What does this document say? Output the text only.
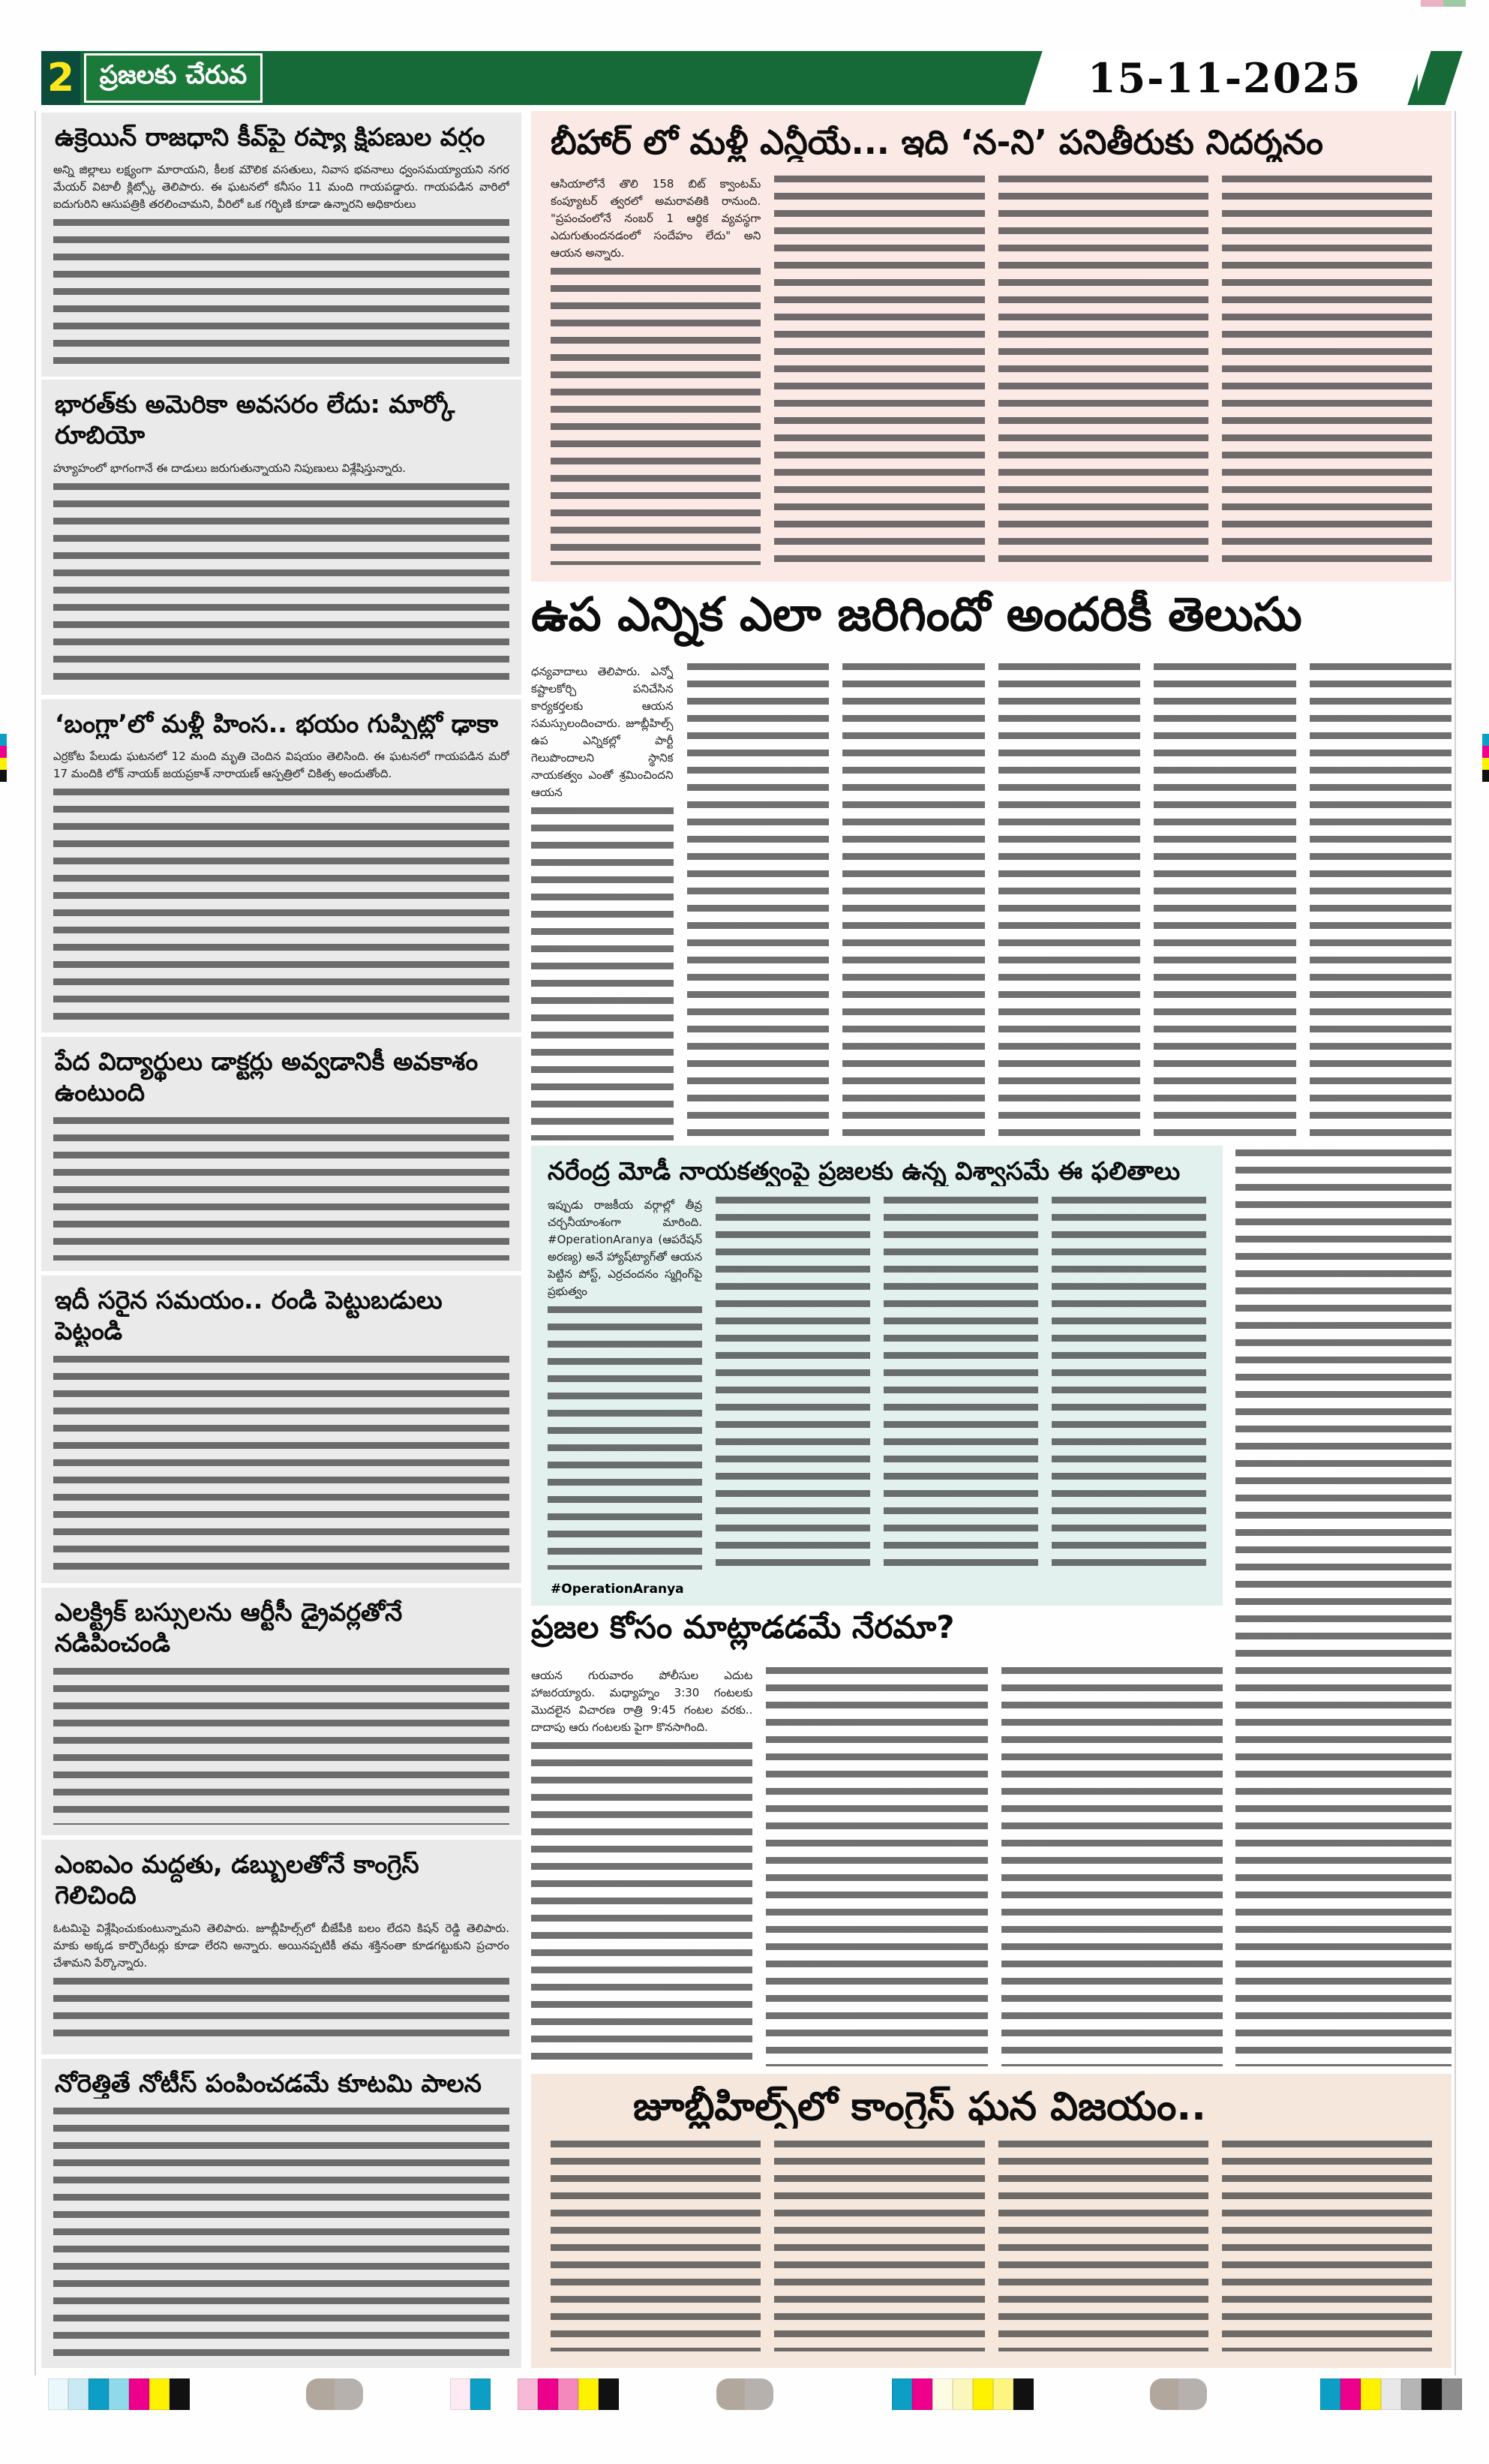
2 ప్రజలకు చేరువ	15-11-2025
ఉక్రెయిన్ రాజధాని కీవ్‌పై రష్యా క్షిపణుల వర్షం

అన్ని జిల్లాలు లక్ష్యంగా మారాయని, కీలక మౌలిక వసతులు, నివాస భవనాలు ధ్వంసమయ్యాయని నగర మేయర్ విటాలీ క్లిట్స్కో తెలిపారు. ఈ ఘటనలో కనీసం 11 మంది గాయపడ్డారు. గాయపడిన వారిలో ఐదుగురిని ఆసుపత్రికి తరలించామని, వీరిలో ఒక గర్భిణి కూడా ఉన్నారని అధికారులు

భారత్‌కు అమెరికా అవసరం లేదు: మార్కో రూబియో

హ్యూహంలో భాగంగానే ఈ దాడులు జరుగుతున్నాయని నిపుణులు విశ్లేషిస్తున్నారు.

‘బంగ్లా’లో మళ్లీ హింస.. భయం గుప్పిట్లో ఢాకా

ఎర్రకోట పేలుడు ఘటనలో 12 మంది మృతి చెందిన విషయం తెలిసింది. ఈ ఘటనలో గాయపడిన మరో 17 మందికి లోక్ నాయక్ జయప్రకాశ్ నారాయణ్ ఆస్పత్రిలో చికిత్స అందుతోంది.

పేద విద్యార్థులు డాక్టర్లు అవ్వడానికీ అవకాశం ఉంటుంది
ఇదీ సరైన సమయం.. రండి పెట్టుబడులు పెట్టండి
ఎలక్ట్రిక్ బస్సులను ఆర్టీసీ డ్రైవర్లతోనే నడిపించండి
ఎంఐఎం మద్దతు, డబ్బులతోనే కాంగ్రెస్ గెలిచింది

ఓటమిపై విశ్లేషించుకుంటున్నామని తెలిపారు. జూబ్లీహిల్స్‌లో బీజేపీకి బలం లేదని కిషన్ రెడ్డి తెలిపారు. మాకు అక్కడ కార్పొరేటర్లు కూడా లేరని అన్నారు. అయినప్పటికీ తమ శక్తినంతా కూడగట్టుకుని ప్రచారం చేశామని పేర్కొన్నారు.

నోరెత్తితే నోటీస్ పంపించడమే కూటమి పాలన
బీహార్ లో మళ్లీ ఎన్డీయే... ఇది ‘న-ని’ పనితీరుకు నిదర్శనం

ఆసియాలోనే తొలి 158 బిట్ క్వాంటమ్ కంప్యూటర్ త్వరలో అమరావతికి రానుంది. "ప్రపంచంలోనే నంబర్ 1 ఆర్థిక వ్యవస్థగా ఎదుగుతుందనడంలో సందేహం లేదు" అని ఆయన అన్నారు.

ఉప ఎన్నిక ఎలా జరిగిందో అందరికీ తెలుసు

ధన్యవాదాలు తెలిపారు. ఎన్నో కష్టాలకోర్చి పనిచేసిన కార్యకర్తలకు ఆయన సమస్సులందించారు. జూబ్లీహిల్స్ ఉప ఎన్నికల్లో పార్టీ గెలుపొందాలని స్థానిక నాయకత్వం ఎంతో శ్రమించిందని ఆయన

నరేంద్ర మోడీ నాయకత్వంపై ప్రజలకు ఉన్న విశ్వాసమే ఈ ఫలితాలు

ఇప్పుడు రాజకీయ వర్గాల్లో తీవ్ర చర్చనీయాంశంగా మారింది. #OperationAranya (ఆపరేషన్ అరణ్య) అనే హ్యాష్‌ట్యాగ్‌తో ఆయన పెట్టిన పోస్ట్, ఎర్రచందనం స్మగ్లింగ్‌పై ప్రభుత్వం

#OperationAranya
ప్రజల కోసం మాట్లాడడమే నేరమా?

ఆయన గురువారం పోలీసుల ఎదుట హాజరయ్యారు. మధ్యాహ్నం 3:30 గంటలకు మొదలైన విచారణ రాత్రి 9:45 గంటల వరకు.. దాదాపు ఆరు గంటలకు పైగా కొనసాగింది.

జూబ్లీహిల్స్‌లో కాంగ్రెస్ ఘన విజయం..
